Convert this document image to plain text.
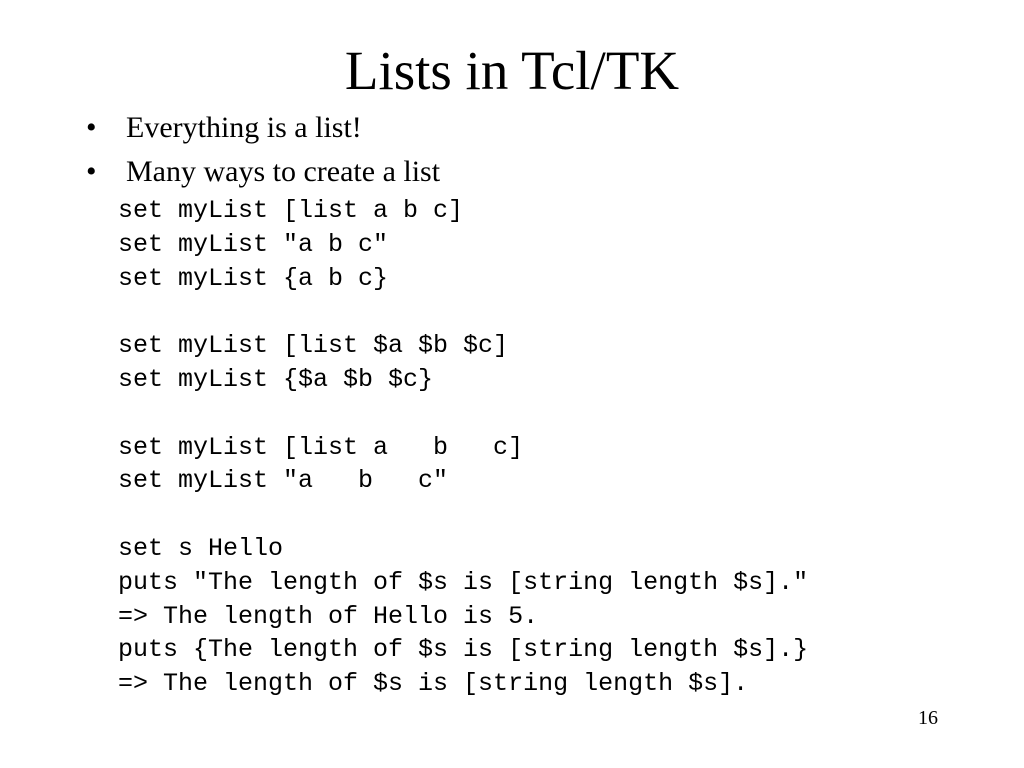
Lists in Tcl/TK
• Everything is a list!
• Many ways to create a list
set myList [list a b c]
set myList "a b c"
set myList {a b c}
set myList [list $a $b $c]
set myList {$a $b $c}
set myList [list a   b   c]
set myList "a   b   c"
set s Hello
puts "The length of $s is [string length $s]."
=> The length of Hello is 5.
puts {The length of $s is [string length $s].}
=> The length of $s is [string length $s].
16
